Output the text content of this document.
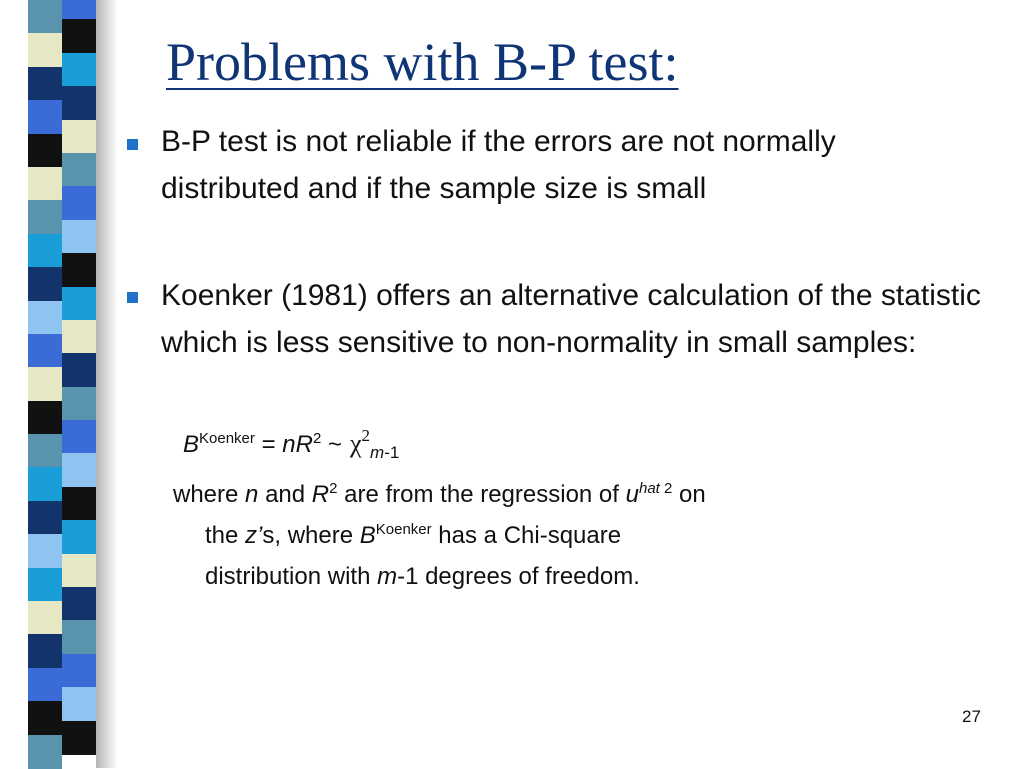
Problems with B-P test:
B-P test is not reliable if the errors are not normally distributed and if the sample size is small
Koenker (1981) offers an alternative calculation of the statistic which is less sensitive to non-normality in small samples:
$B^{Koenker} = nR^2$ ~ $\chi^2_{m-1}$
where n and $R^2$ are from the regression of $u^{hat 2}$ on
the z’s, where $B^{Koenker}$ has a Chi-square
distribution with m-1 degrees of freedom.
27
